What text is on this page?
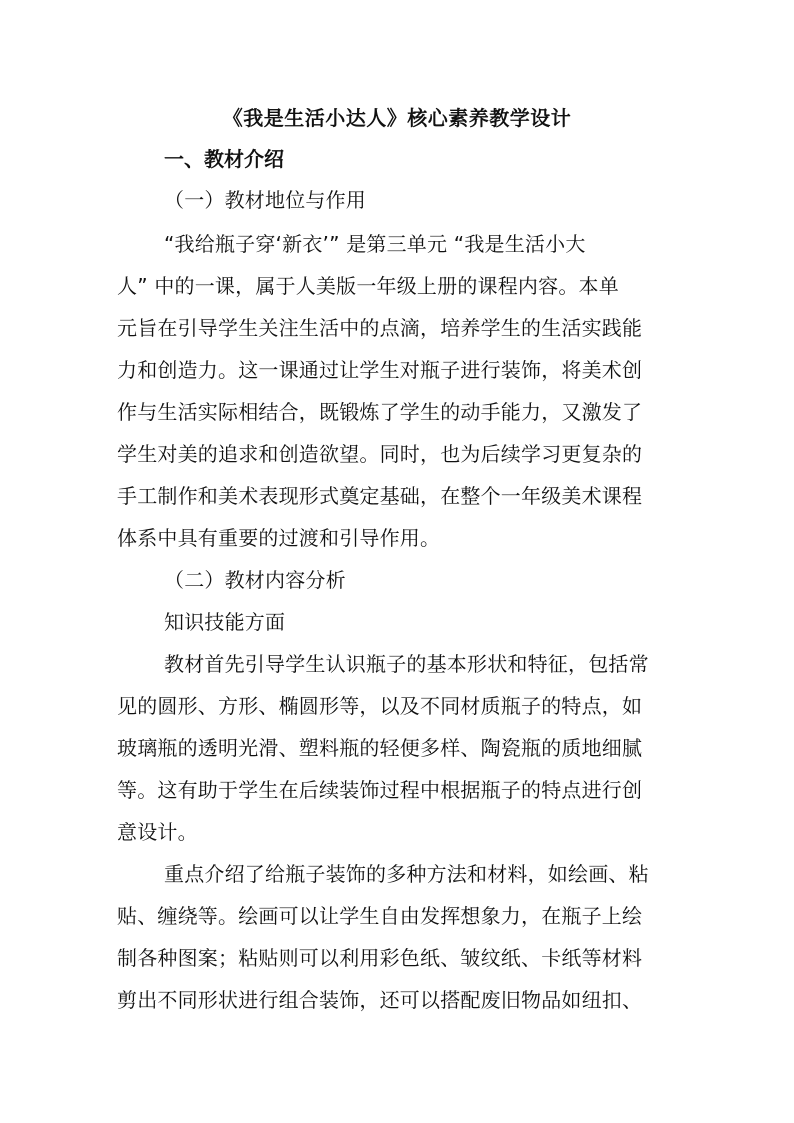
《我是生活小达人》核心素养教学设计
一、教材介绍
（一）教材地位与作用
“我给瓶子穿‘新衣’” 是第三单元 “我是生活小大
人” 中的一课，属于人美版一年级上册的课程内容。本单
元旨在引导学生关注生活中的点滴，培养学生的生活实践能
力和创造力。这一课通过让学生对瓶子进行装饰，将美术创
作与生活实际相结合，既锻炼了学生的动手能力，又激发了
学生对美的追求和创造欲望。同时，也为后续学习更复杂的
手工制作和美术表现形式奠定基础，在整个一年级美术课程
体系中具有重要的过渡和引导作用。
（二）教材内容分析
知识技能方面
教材首先引导学生认识瓶子的基本形状和特征，包括常
见的圆形、方形、椭圆形等，以及不同材质瓶子的特点，如
玻璃瓶的透明光滑、塑料瓶的轻便多样、陶瓷瓶的质地细腻
等。这有助于学生在后续装饰过程中根据瓶子的特点进行创
意设计。
重点介绍了给瓶子装饰的多种方法和材料，如绘画、粘
贴、缠绕等。绘画可以让学生自由发挥想象力，在瓶子上绘
制各种图案；粘贴则可以利用彩色纸、皱纹纸、卡纸等材料
剪出不同形状进行组合装饰，还可以搭配废旧物品如纽扣、
